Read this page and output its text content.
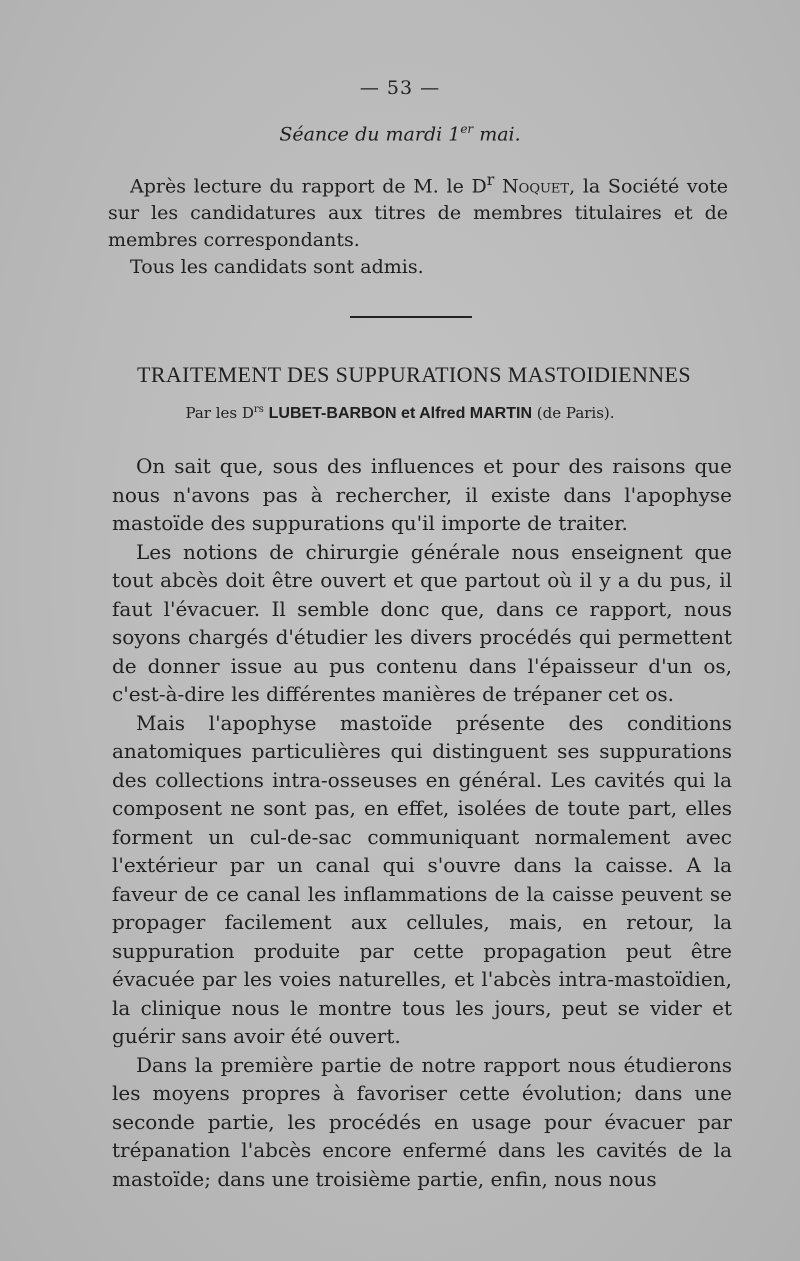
— 53 —
Séance du mardi 1er mai.

Après lecture du rapport de M. le $D^r$ Noquet, la Société vote sur les candidatures aux titres de membres titulaires et de membres correspondants.

Tous les candidats sont admis.

TRAITEMENT DES SUPPURATIONS MASTOIDIENNES
Par les $D^{rs}$ LUBET-BARBON et Alfred MARTIN (de Paris).

On sait que, sous des influences et pour des raisons que nous n'avons pas à rechercher, il existe dans l'apophyse mastoïde des suppurations qu'il importe de traiter.

Les notions de chirurgie générale nous enseignent que tout abcès doit être ouvert et que partout où il y a du pus, il faut l'évacuer. Il semble donc que, dans ce rapport, nous soyons chargés d'étudier les divers procédés qui permettent de donner issue au pus contenu dans l'épaisseur d'un os, c'est-à-dire les différentes manières de trépaner cet os.

Mais l'apophyse mastoïde présente des conditions anatomiques particulières qui distinguent ses suppurations des collections intra-osseuses en général. Les cavités qui la composent ne sont pas, en effet, isolées de toute part, elles forment un cul-de-sac communiquant normalement avec l'extérieur par un canal qui s'ouvre dans la caisse. A la faveur de ce canal les inflammations de la caisse peuvent se propager facilement aux cellules, mais, en retour, la suppuration produite par cette propagation peut être évacuée par les voies naturelles, et l'abcès intra-mastoïdien, la clinique nous le montre tous les jours, peut se vider et guérir sans avoir été ouvert.

Dans la première partie de notre rapport nous étudierons les moyens propres à favoriser cette évolution; dans une seconde partie, les procédés en usage pour évacuer par trépanation l'abcès encore enfermé dans les cavités de la mastoïde; dans une troisième partie, enfin, nous nous
